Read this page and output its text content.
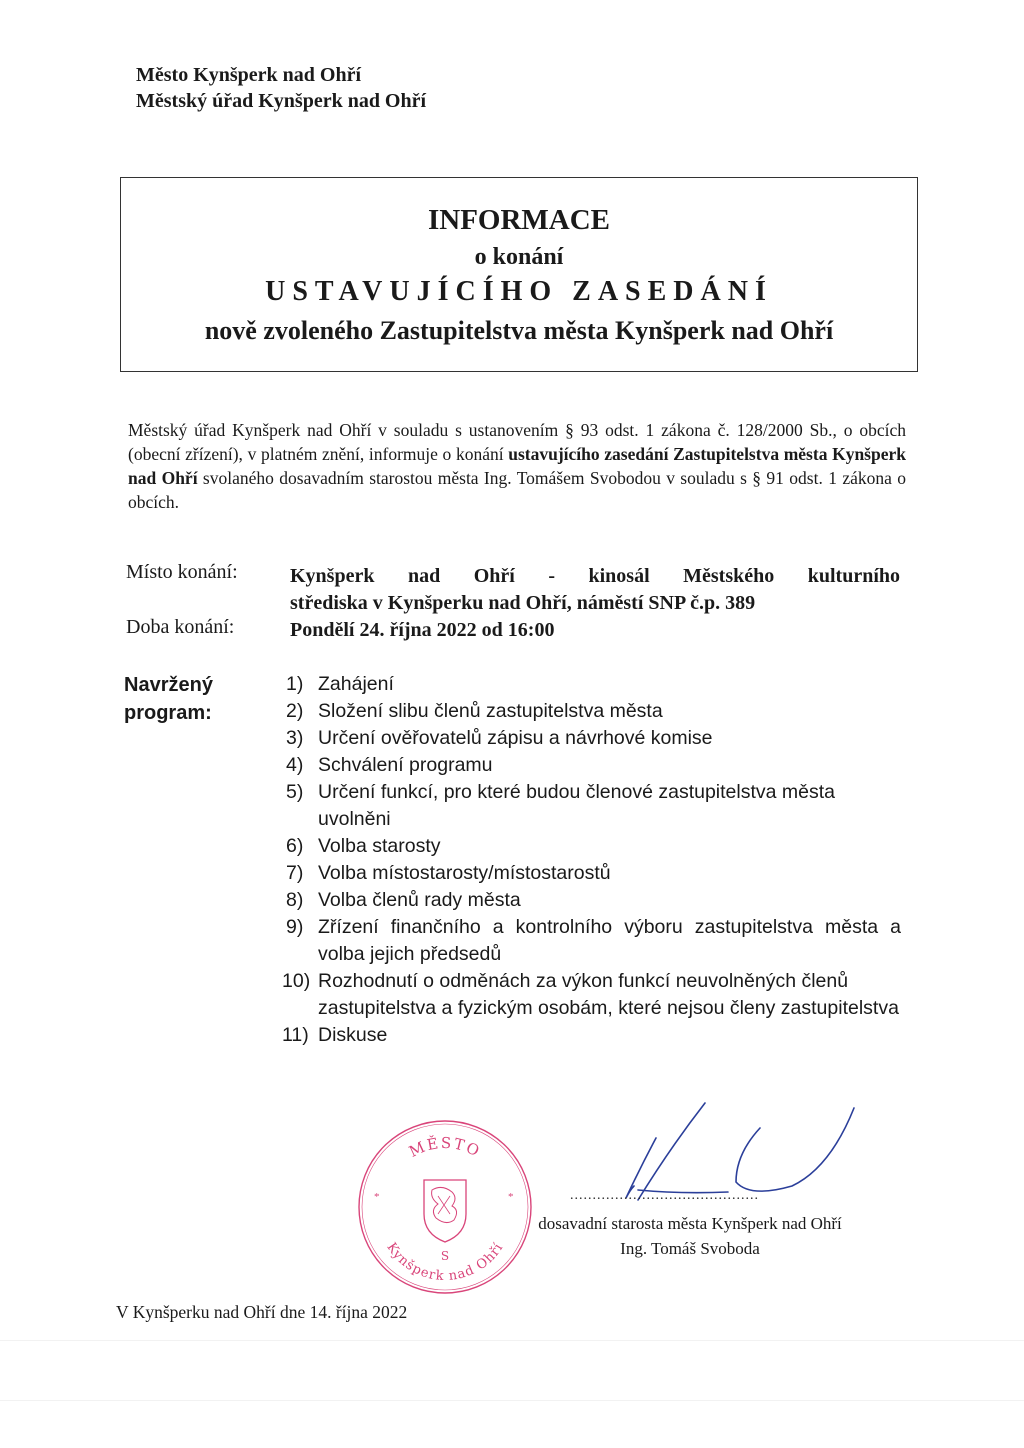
Město Kynšperk nad Ohří
Městský úřad Kynšperk nad Ohří
INFORMACE
o konání
USTAVUJÍCÍHO ZASEDÁNÍ
nově zvoleného Zastupitelstva města Kynšperk nad Ohří
Městský úřad Kynšperk nad Ohří v souladu s ustanovením § 93 odst. 1 zákona č. 128/2000 Sb., o obcích (obecní zřízení), v platném znění, informuje o konání ustavujícího zasedání Zastupitelstva města Kynšperk nad Ohří svolaného dosavadním starostou města Ing. Tomášem Svobodou v souladu s § 91 odst. 1 zákona o obcích.
Místo konání:	Kynšperk nad Ohří - kinosál Městského kulturního
střediska v Kynšperku nad Ohří, náměstí SNP č.p. 389
Doba konání:	Pondělí 24. října 2022 od 16:00
Navržený
program:
1) Zahájení
2) Složení slibu členů zastupitelstva města
3) Určení ověřovatelů zápisu a návrhové komise
4) Schválení programu
5) Určení funkcí, pro které budou členové zastupitelstva města uvolněni
6) Volba starosty
7) Volba místostarosty/místostarostů
8) Volba členů rady města
9) Zřízení finančního a kontrolního výboru zastupitelstva města a volba jejich předsedů
10) Rozhodnutí o odměnách za výkon funkcí neuvolněných členů zastupitelstva a fyzickým osobám, které nejsou členy zastupitelstva
11) Diskuse
MĚSTO
Kynšperk nad Ohří
S
*	*	..........................................
dosavadní starosta města Kynšperk nad Ohří
Ing. Tomáš Svoboda
V Kynšperku nad Ohří dne 14. října 2022
